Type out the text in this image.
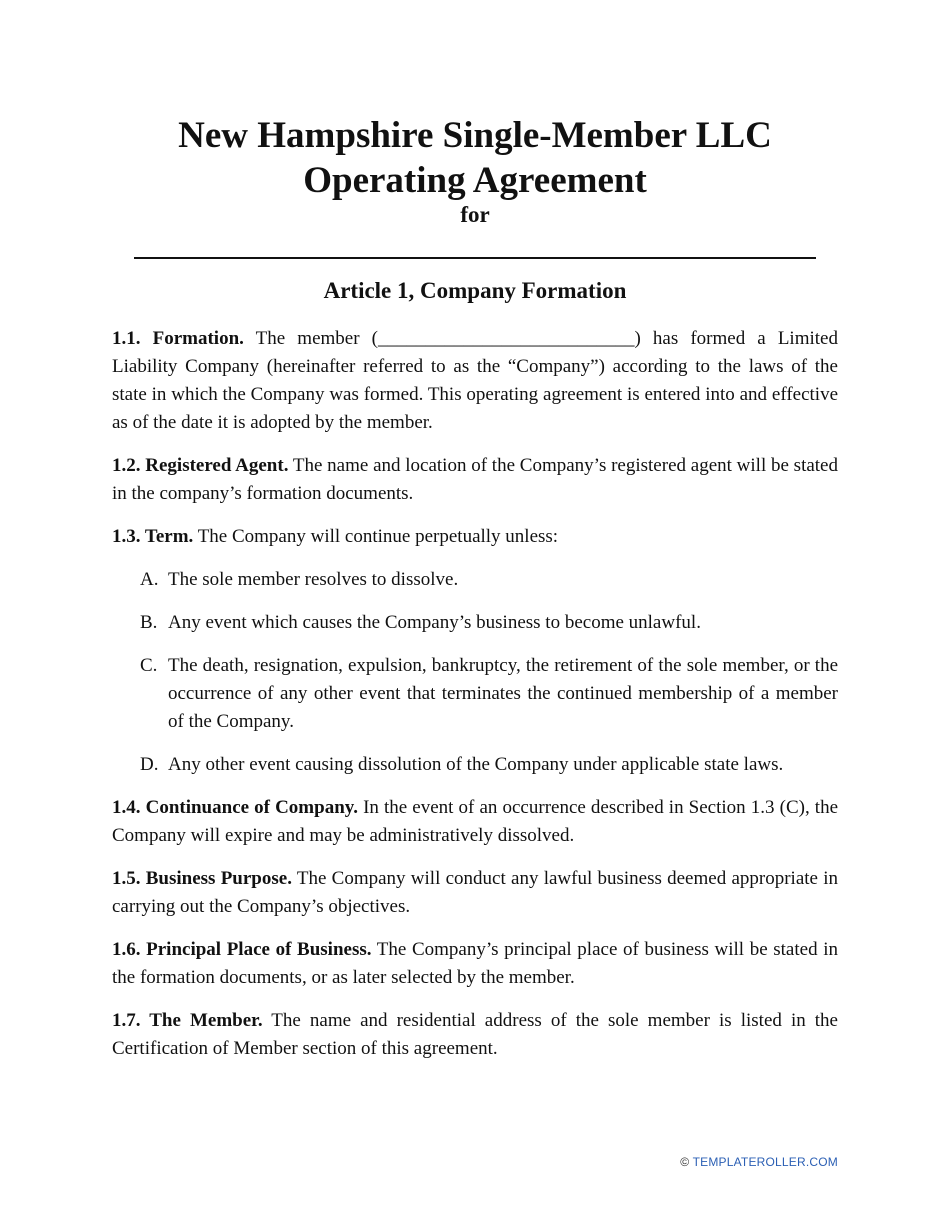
New Hampshire Single-Member LLC
Operating Agreement
for
Article 1, Company Formation

1.1. Formation. The member (___________________________) has formed a Limited Liability Company (hereinafter referred to as the “Company”) according to the laws of the state in which the Company was formed. This operating agreement is entered into and effective as of the date it is adopted by the member.

1.2. Registered Agent. The name and location of the Company’s registered agent will be stated in the company’s formation documents.

1.3. Term. The Company will continue perpetually unless:

A. The sole member resolves to dissolve.
B. Any event which causes the Company’s business to become unlawful.
C. The death, resignation, expulsion, bankruptcy, the retirement of the sole member, or the occurrence of any other event that terminates the continued membership of a member of the Company.
D. Any other event causing dissolution of the Company under applicable state laws.

1.4. Continuance of Company. In the event of an occurrence described in Section 1.3 (C), the Company will expire and may be administratively dissolved.

1.5. Business Purpose. The Company will conduct any lawful business deemed appropriate in carrying out the Company’s objectives.

1.6. Principal Place of Business. The Company’s principal place of business will be stated in the formation documents, or as later selected by the member.

1.7. The Member. The name and residential address of the sole member is listed in the Certification of Member section of this agreement.

© TEMPLATEROLLER.COM
